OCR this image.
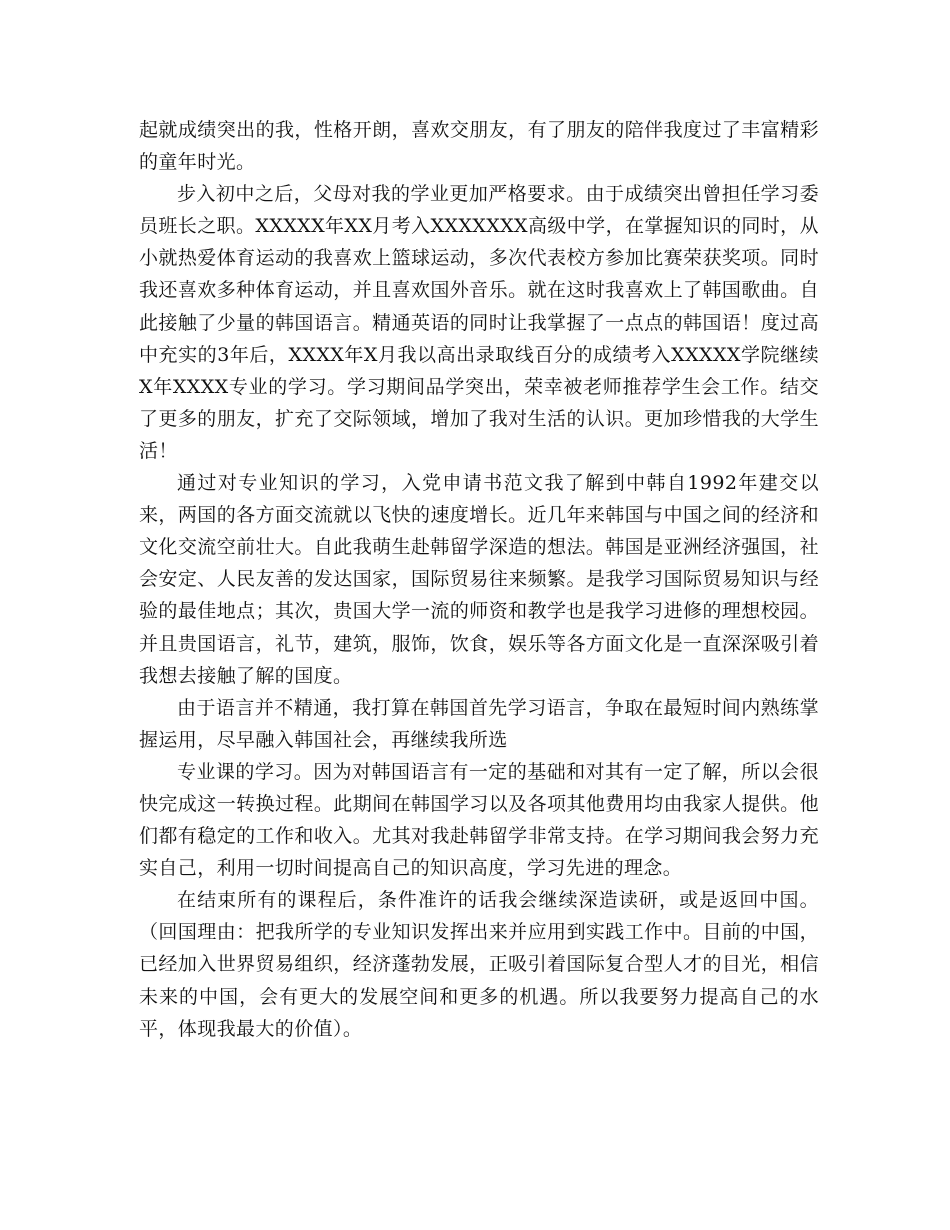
起就成绩突出的我，性格开朗，喜欢交朋友，有了朋友的陪伴我度过了丰富精彩的童年时光。

步入初中之后，父母对我的学业更加严格要求。由于成绩突出曾担任学习委员班长之职。XXXXX年XX月考入XXXXXXX高级中学，在掌握知识的同时，从小就热爱体育运动的我喜欢上篮球运动，多次代表校方参加比赛荣获奖项。同时我还喜欢多种体育运动，并且喜欢国外音乐。就在这时我喜欢上了韩国歌曲。自此接触了少量的韩国语言。精通英语的同时让我掌握了一点点的韩国语！度过高中充实的3年后，XXXX年X月我以高出录取线百分的成绩考入XXXXX学院继续X年XXXX专业的学习。学习期间品学突出，荣幸被老师推荐学生会工作。结交了更多的朋友，扩充了交际领域，增加了我对生活的认识。更加珍惜我的大学生活！

通过对专业知识的学习，入党申请书范文我了解到中韩自1992年建交以来，两国的各方面交流就以飞快的速度增长。近几年来韩国与中国之间的经济和文化交流空前壮大。自此我萌生赴韩留学深造的想法。韩国是亚洲经济强国，社会安定、人民友善的发达国家，国际贸易往来频繁。是我学习国际贸易知识与经验的最佳地点；其次，贵国大学一流的师资和教学也是我学习进修的理想校园。并且贵国语言，礼节，建筑，服饰，饮食，娱乐等各方面文化是一直深深吸引着我想去接触了解的国度。

由于语言并不精通，我打算在韩国首先学习语言，争取在最短时间内熟练掌握运用，尽早融入韩国社会，再继续我所选

专业课的学习。因为对韩国语言有一定的基础和对其有一定了解，所以会很快完成这一转换过程。此期间在韩国学习以及各项其他费用均由我家人提供。他们都有稳定的工作和收入。尤其对我赴韩留学非常支持。在学习期间我会努力充实自己，利用一切时间提高自己的知识高度，学习先进的理念。

在结束所有的课程后，条件准许的话我会继续深造读研，或是返回中国。（回国理由：把我所学的专业知识发挥出来并应用到实践工作中。目前的中国，已经加入世界贸易组织，经济蓬勃发展，正吸引着国际复合型人才的目光，相信未来的中国，会有更大的发展空间和更多的机遇。所以我要努力提高自己的水平，体现我最大的价值）。
